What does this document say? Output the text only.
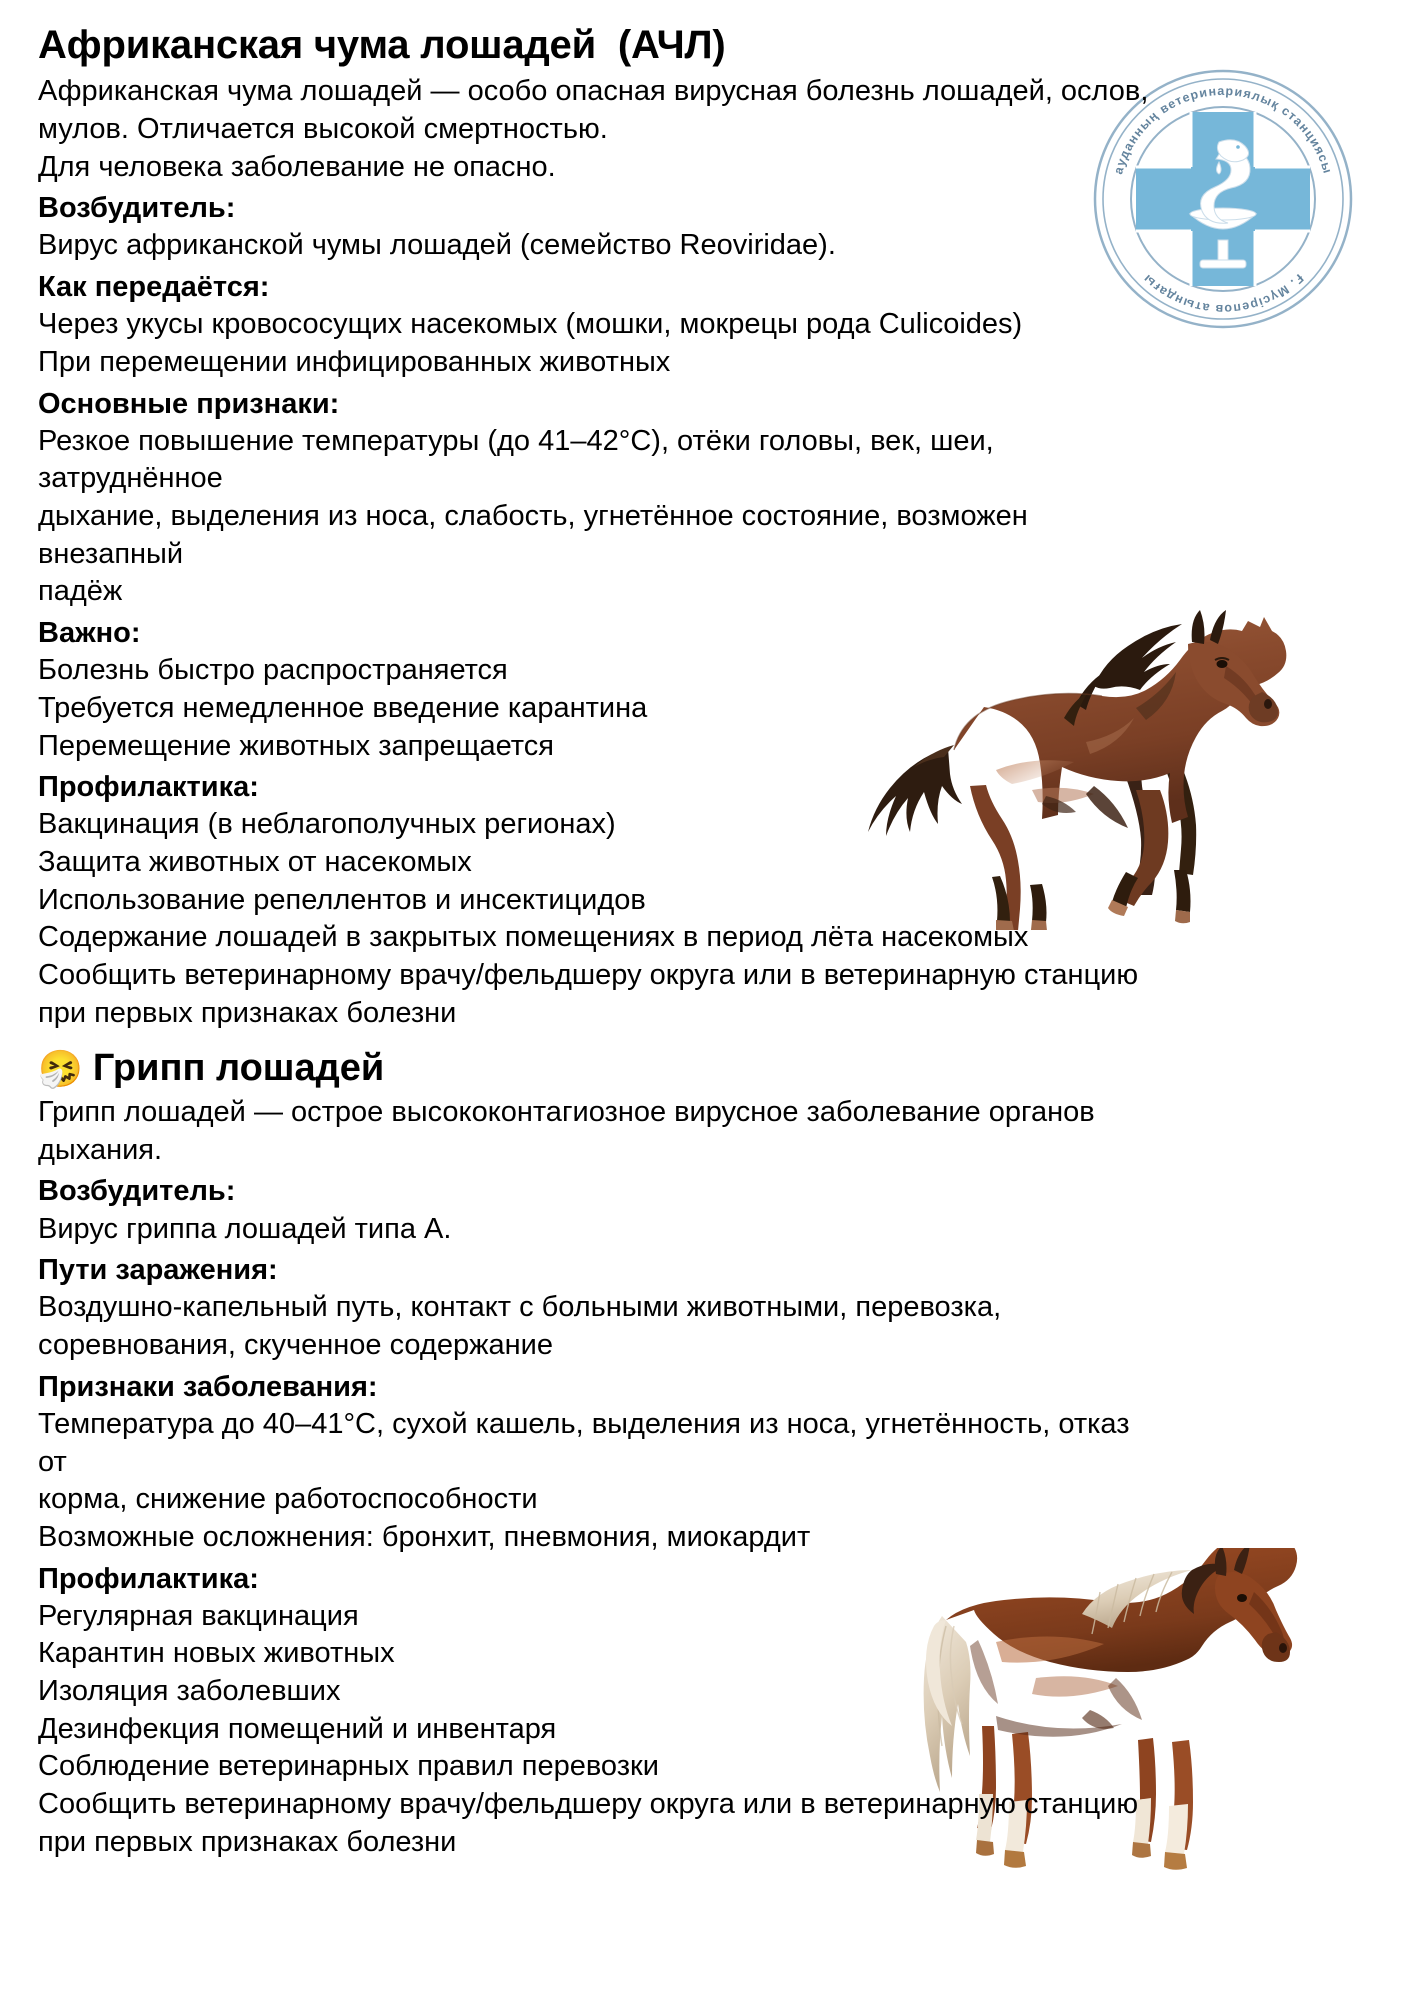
ауданның ветеринариялық станциясы
Ғ. Мүсірепов атындағы
Африканская чума лошадей  (АЧЛ)

Африканская чума лошадей — особо опасная вирусная болезнь лошадей, ослов,

мулов. Отличается высокой смертностью.

Для человека заболевание не опасно.

Возбудитель:

Вирус африканской чумы лошадей (семейство Reoviridae).

Как передаётся:

Через укусы кровососущих насекомых (мошки, мокрецы рода Culicoides)

При перемещении инфицированных животных

Основные признаки:

Резкое повышение температуры (до 41–42°C), отёки головы, век, шеи, затруднённое

дыхание, выделения из носа, слабость, угнетённое состояние, возможен внезапный

падёж

Важно:

Болезнь быстро распространяется

Требуется немедленное введение карантина

Перемещение животных запрещается

Профилактика:

Вакцинация (в неблагополучных регионах)

Защита животных от насекомых

Использование репеллентов и инсектицидов

Содержание лошадей в закрытых помещениях в период лёта насекомых

Сообщить ветеринарному врачу/фельдшеру округа или в ветеринарную станцию

при первых признаках болезни

🤧 Грипп лошадей

Грипп лошадей — острое высококонтагиозное вирусное заболевание органов

дыхания.

Возбудитель:

Вирус гриппа лошадей типа A.

Пути заражения:

Воздушно-капельный путь, контакт с больными животными, перевозка,

соревнования, скученное содержание

Признаки заболевания:

Температура до 40–41°C, сухой кашель, выделения из носа, угнетённость, отказ от

корма, снижение работоспособности

Возможные осложнения: бронхит, пневмония, миокардит

Профилактика:

Регулярная вакцинация

Карантин новых животных

Изоляция заболевших

Дезинфекция помещений и инвентаря

Соблюдение ветеринарных правил перевозки

Сообщить ветеринарному врачу/фельдшеру округа или в ветеринарную станцию

при первых признаках болезни
